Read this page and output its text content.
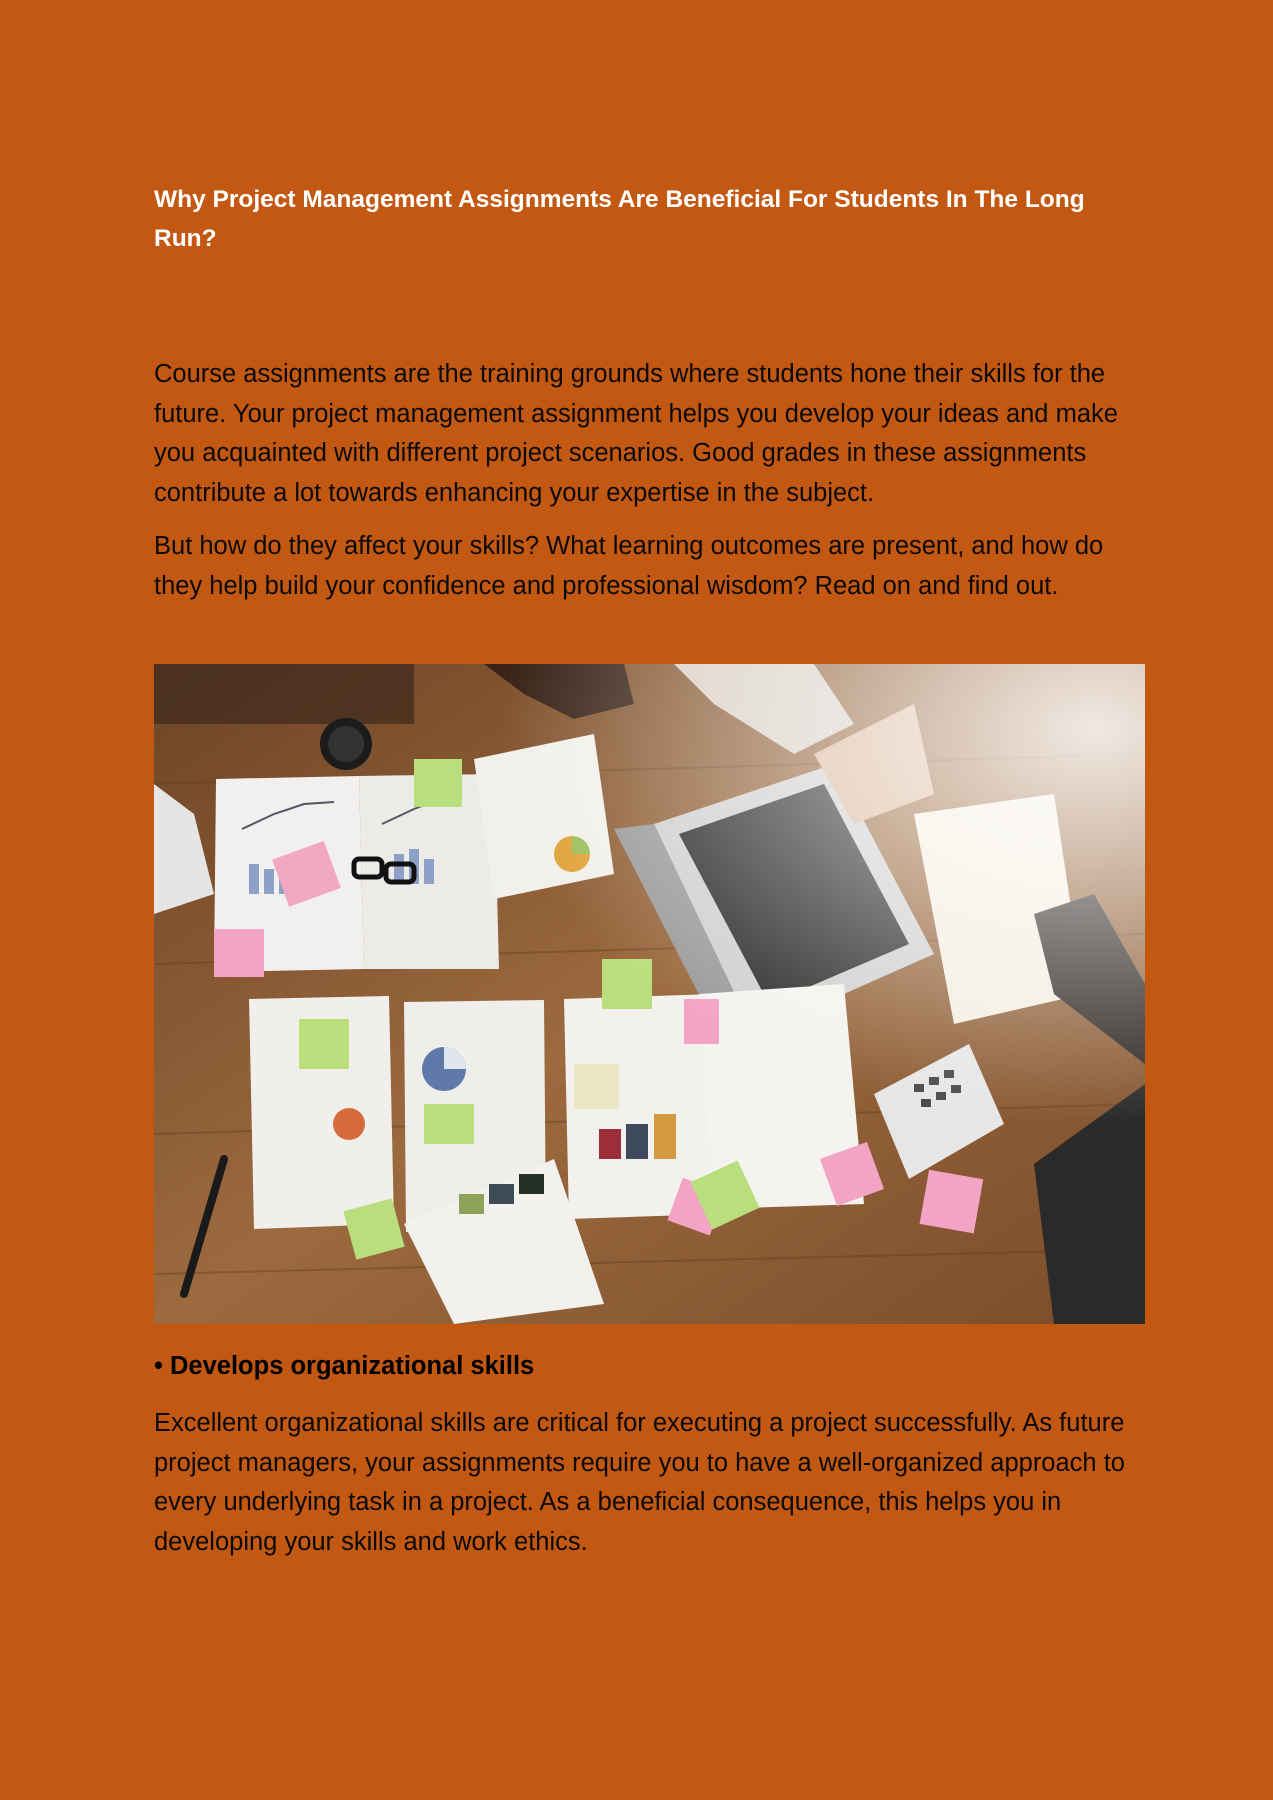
Why Project Management Assignments Are Beneficial For Students In The Long Run?

Course assignments are the training grounds where students hone their skills for the future. Your project management assignment helps you develop your ideas and make you acquainted with different project scenarios. Good grades in these assignments contribute a lot towards enhancing your expertise in the subject.

But how do they affect your skills? What learning outcomes are present, and how do they help build your confidence and professional wisdom? Read on and find out.

• Develops organizational skills

Excellent organizational skills are critical for executing a project successfully. As future project managers, your assignments require you to have a well-organized approach to every underlying task in a project. As a beneficial consequence, this helps you in developing your skills and work ethics.
